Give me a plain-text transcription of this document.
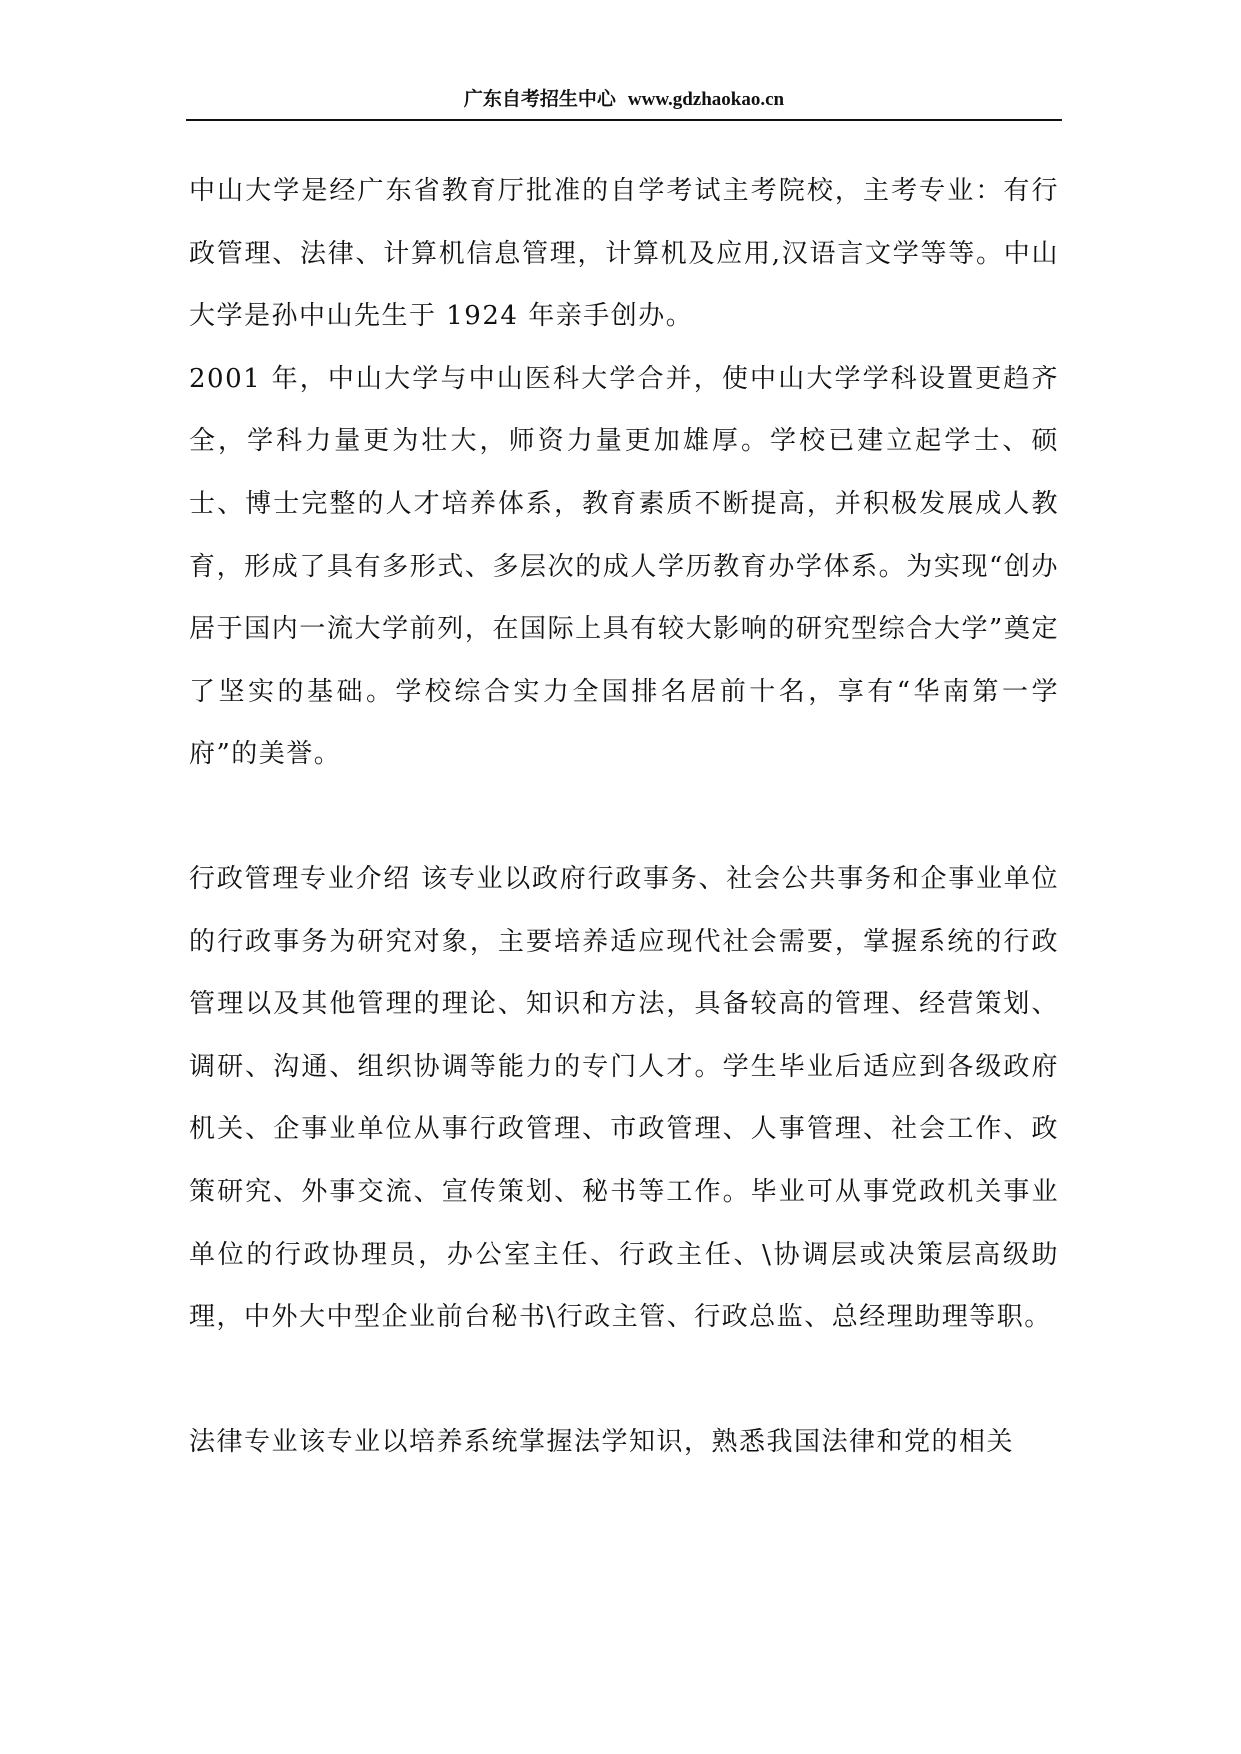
广东自考招生中心 www.gdzhaokao.cn

中山大学是经广东省教育厅批准的自学考试主考院校，主考专业：有行政管理、法律、计算机信息管理，计算机及应用,汉语言文学等等。中山大学是孙中山先生于 1924 年亲手创办。

2001 年，中山大学与中山医科大学合并，使中山大学学科设置更趋齐全，学科力量更为壮大，师资力量更加雄厚。学校已建立起学士、硕士、博士完整的人才培养体系，教育素质不断提高，并积极发展成人教育，形成了具有多形式、多层次的成人学历教育办学体系。为实现“创办居于国内一流大学前列，在国际上具有较大影响的研究型综合大学”奠定了坚实的基础。学校综合实力全国排名居前十名，享有“华南第一学府”的美誉。

行政管理专业介绍 该专业以政府行政事务、社会公共事务和企事业单位的行政事务为研究对象，主要培养适应现代社会需要，掌握系统的行政管理以及其他管理的理论、知识和方法，具备较高的管理、经营策划、调研、沟通、组织协调等能力的专门人才。学生毕业后适应到各级政府机关、企事业单位从事行政管理、市政管理、人事管理、社会工作、政策研究、外事交流、宣传策划、秘书等工作。毕业可从事党政机关事业单位的行政协理员，办公室主任、行政主任、\协调层或决策层高级助理，中外大中型企业前台秘书\行政主管、行政总监、总经理助理等职。

法律专业该专业以培养系统掌握法学知识，熟悉我国法律和党的相关
